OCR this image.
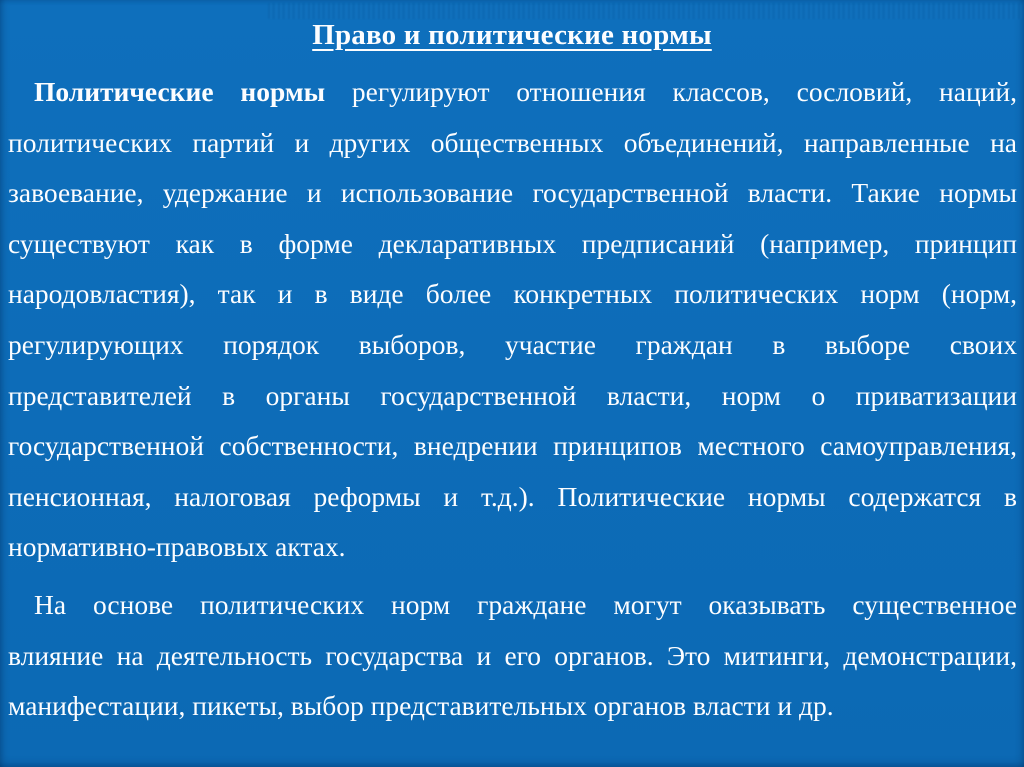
Право и политические нормы
Политические нормы регулируют отношения классов, сословий, наций,
политических партий и других общественных объединений, направленные на
завоевание, удержание и использование государственной власти. Такие нормы
существуют как в форме декларативных предписаний (например, принцип
народовластия), так и в виде более конкретных политических норм (норм,
регулирующих порядок выборов, участие граждан в выборе своих
представителей в органы государственной власти, норм о приватизации
государственной собственности, внедрении принципов местного самоуправления,
пенсионная, налоговая реформы и т.д.). Политические нормы содержатся в
нормативно-правовых актах.
На основе политических норм граждане могут оказывать существенное
влияние на деятельность государства и его органов. Это митинги, демонстрации,
манифестации, пикеты, выбор представительных органов власти и др.
